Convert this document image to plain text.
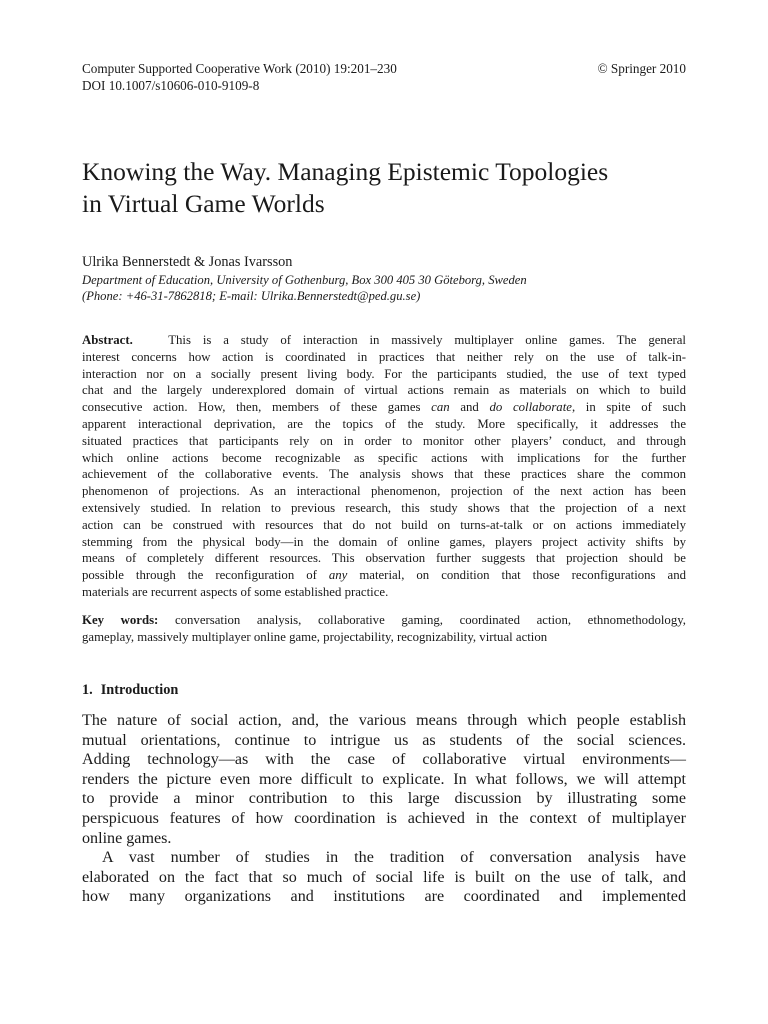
Computer Supported Cooperative Work (2010) 19:201–230
DOI 10.1007/s10606-010-9109-8
© Springer 2010
Knowing the Way. Managing Epistemic Topologies
in Virtual Game Worlds
Ulrika Bennerstedt & Jonas Ivarsson
Department of Education, University of Gothenburg, Box 300 405 30 Göteborg, Sweden
(Phone: +46-31-7862818; E-mail: Ulrika.Bennerstedt@ped.gu.se)
Abstract.	This is a study of interaction in massively multiplayer online games. The general
interest concerns how action is coordinated in practices that neither rely on the use of talk-in-
interaction nor on a socially present living body. For the participants studied, the use of text typed
chat and the largely underexplored domain of virtual actions remain as materials on which to build
consecutive action. How, then, members of these games can and do collaborate, in spite of such
apparent interactional deprivation, are the topics of the study. More specifically, it addresses the
situated practices that participants rely on in order to monitor other players’ conduct, and through
which online actions become recognizable as specific actions with implications for the further
achievement of the collaborative events. The analysis shows that these practices share the common
phenomenon of projections. As an interactional phenomenon, projection of the next action has been
extensively studied. In relation to previous research, this study shows that the projection of a next
action can be construed with resources that do not build on turns-at-talk or on actions immediately
stemming from the physical body—in the domain of online games, players project activity shifts by
means of completely different resources. This observation further suggests that projection should be
possible through the reconfiguration of any material, on condition that those reconfigurations and
materials are recurrent aspects of some established practice.
Key words: conversation analysis, collaborative gaming, coordinated action, ethnomethodology,
gameplay, massively multiplayer online game, projectability, recognizability, virtual action
1. Introduction
The nature of social action, and, the various means through which people establish
mutual orientations, continue to intrigue us as students of the social sciences.
Adding technology—as with the case of collaborative virtual environments—
renders the picture even more difficult to explicate. In what follows, we will attempt
to provide a minor contribution to this large discussion by illustrating some
perspicuous features of how coordination is achieved in the context of multiplayer
online games.
A vast number of studies in the tradition of conversation analysis have
elaborated on the fact that so much of social life is built on the use of talk, and
how many organizations and institutions are coordinated and implemented
